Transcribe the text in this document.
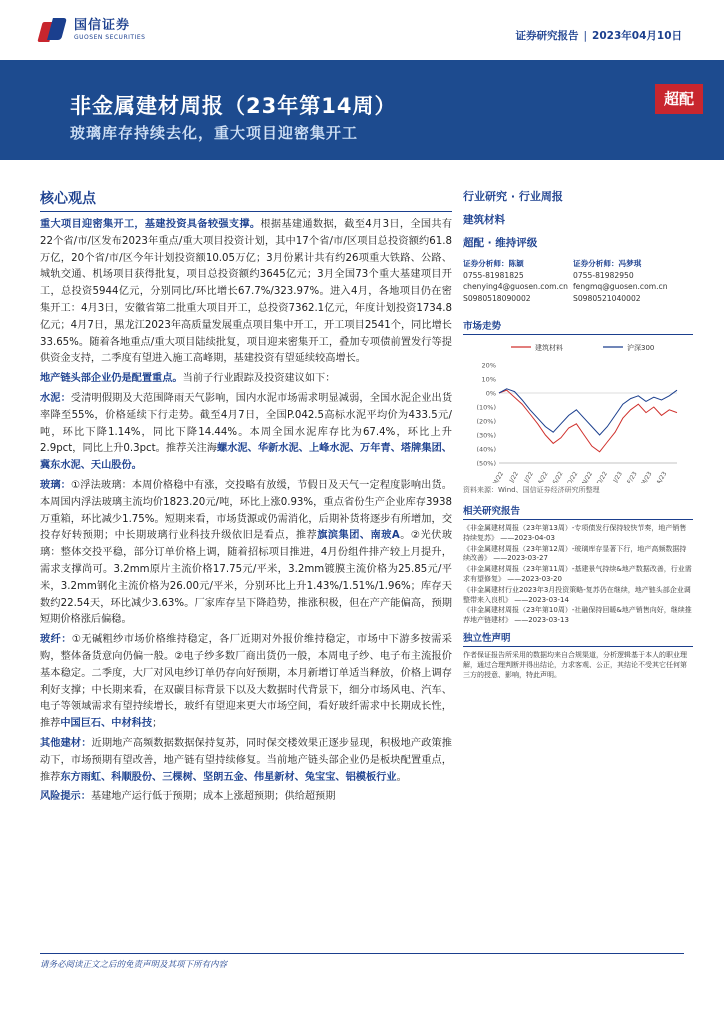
国信证券
GUOSEN SECURITIES	证券研究报告 | 2023年04月10日
非金属建材周报（23年第14周）
玻璃库存持续去化，重大项目迎密集开工
超配
核心观点

重大项目迎密集开工，基建投资具备较强支撑。根据基建通数据，截至4月3日，全国共有22个省/市/区发布2023年重点/重大项目投资计划，其中17个省/市/区项目总投资额约61.8万亿，20个省/市/区今年计划投资额10.05万亿；3月份累计共有约26项重大铁路、公路、城轨交通、机场项目获得批复，项目总投资额约3645亿元；3月全国73个重大基建项目开工，总投资5944亿元，分别同比/环比增长67.7%/323.97%。进入4月，各地项目仍在密集开工：4月3日，安徽省第二批重大项目开工，总投资7362.1亿元，年度计划投资1734.8亿元；4月7日，黑龙江2023年高质量发展重点项目集中开工，开工项目2541个，同比增长33.65%。随着各地重点/重大项目陆续批复，项目迎来密集开工，叠加专项债前置发行等提供资金支持，二季度有望进入施工高峰期，基建投资有望延续较高增长。

地产链头部企业仍是配置重点。当前子行业跟踪及投资建议如下：

水泥：受清明假期及大范围降雨天气影响，国内水泥市场需求明显减弱，全国水泥企业出货率降至55%，价格延续下行走势。截至4月7日，全国P.042.5高标水泥平均价为433.5元/吨，环比下降1.14%，同比下降14.44%。本周全国水泥库存比为67.4%，环比上升2.9pct，同比上升0.3pct。推荐关注海螺水泥、华新水泥、上峰水泥、万年青、塔牌集团、冀东水泥、天山股份。

玻璃：①浮法玻璃：本周价格稳中有涨，交投略有放缓，节假日及天气一定程度影响出货。本周国内浮法玻璃主流均价1823.20元/吨，环比上涨0.93%，重点省份生产企业库存3938万重箱，环比减少1.75%。短期来看，市场货源或仍需消化，后期补货将逐步有所增加，交投存好转预期；中长期玻璃行业科技升级依旧是看点，推荐旗滨集团、南玻A。②光伏玻璃：整体交投平稳，部分订单价格上调，随着招标项目推进，4月份组件排产较上月提升，需求支撑尚可。3.2mm原片主流价格17.75元/平米，3.2mm镀膜主流价格为25.85元/平米，3.2mm钢化主流价格为26.00元/平米，分别环比上升1.43%/1.51%/1.96%；库存天数约22.54天，环比减少3.63%。厂家库存呈下降趋势，推涨积极，但在产产能偏高，预期短期价格涨后偏稳。

玻纤：①无碱粗纱市场价格维持稳定，各厂近期对外报价维持稳定，市场中下游多按需采购，整体备货意向仍偏一般。②电子纱多数厂商出货仍一般，本周电子纱、电子布主流报价基本稳定。二季度，大厂对风电纱订单仍存向好预期，本月新增订单适当释放，价格上调存利好支撑；中长期来看，在双碳目标背景下以及大数据时代背景下，细分市场风电、汽车、电子等领域需求有望持续增长，玻纤有望迎来更大市场空间，看好玻纤需求中长期成长性，推荐中国巨石、中材科技；

其他建材：近期地产高频数据数据保持复苏，同时保交楼效果正逐步显现，积极地产政策推动下，市场预期有望改善，地产链有望持续修复。当前地产链头部企业仍是板块配置重点，推荐东方雨虹、科顺股份、三棵树、坚朗五金、伟星新材、兔宝宝、铝模板行业。

风险提示：基建地产运行低于预期；成本上涨超预期；供给超预期

行业研究 · 行业周报
建筑材料
超配 · 维持评级
证券分析师：陈颖
0755-81981825
chenying4@guosen.com.cn
S0980518090002
证券分析师：冯梦琪
0755-81982950
fengmq@guosen.com.cn
S0980521040002
市场走势
建筑材料	沪深300
20%
10%
0%
(10%)
(20%)
(30%)
(40%)
(50%)
M/22 J/22 J/22 A/22 S/22 O/22 N/22 D/22 J/23 F/23 M/23 A/23
资料来源：Wind、国信证券经济研究所整理
相关研究报告
《非金属建材周报（23年第13周）-专项债发行保持较快节奏，地产销售持续复苏》 ——2023-04-03
《非金属建材周报（23年第12周）-玻璃库存显著下行，地产高频数据持续改善》 ——2023-03-27
《非金属建材周报（23年第11周）-基建景气持续&地产数据改善，行业需求有望修复》 ——2023-03-20
《非金属建材行业2023年3月投资策略-复苏仍在继续，地产链头部企业调整带来入良机》 ——2023-03-14
《非金属建材周报（23年第10周）-社融保持回暖&地产销售向好，继续推荐地产链建材》 ——2023-03-13
独立性声明
作者保证报告所采用的数据均来自合规渠道，分析逻辑基于本人的职业理解，通过合理判断并得出结论，力求客观、公正，其结论不受其它任何第三方的授意、影响，特此声明。
请务必阅读正文之后的免责声明及其项下所有内容
